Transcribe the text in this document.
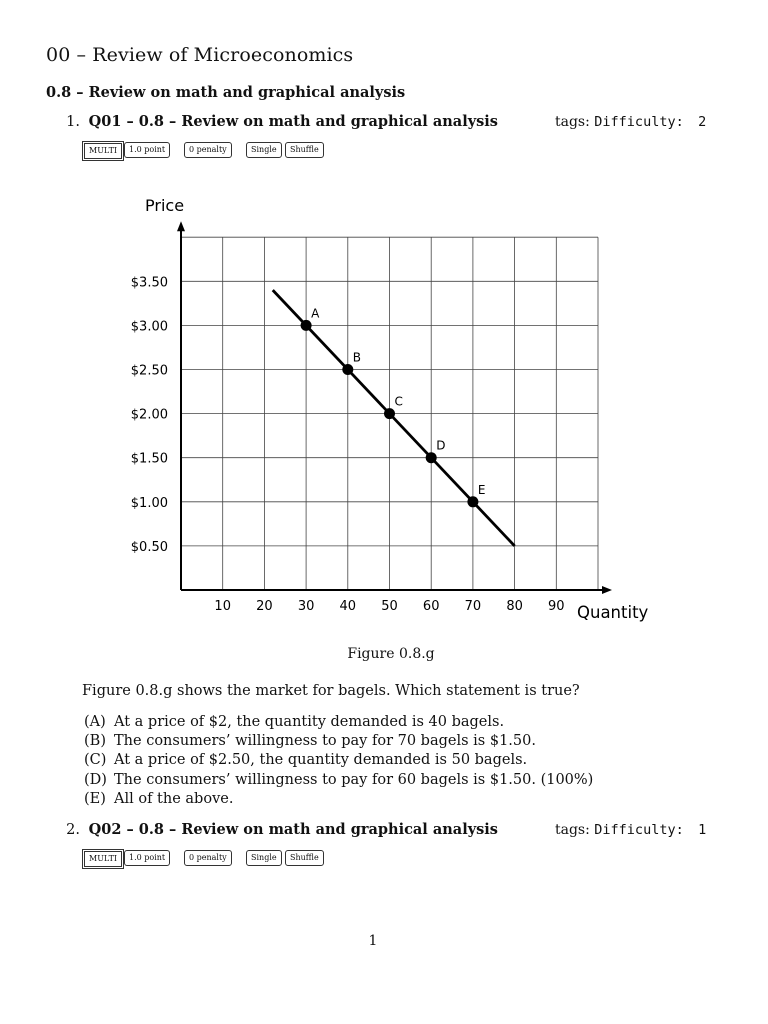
00 – Review of Microeconomics
0.8 – Review on math and graphical analysis
1. Q01 – 0.8 – Review on math and graphical analysis	tags: Difficulty: 2
MULTI	1.0 point	0 penalty	Single	Shuffle
$0.50
$1.00
$1.50
$2.00
$2.50
$3.00
$3.50
10 20 30 40 50 60 70 80 90
A
B
C
D
E
Price
Quantity
Figure 0.8.g
Figure 0.8.g shows the market for bagels. Which statement is true?
(A) At a price of $2, the quantity demanded is 40 bagels.
(B) The consumers’ willingness to pay for 70 bagels is $1.50.
(C) At a price of $2.50, the quantity demanded is 50 bagels.
(D) The consumers’ willingness to pay for 60 bagels is $1.50. (100%)
(E) All of the above.
2. Q02 – 0.8 – Review on math and graphical analysis	tags: Difficulty: 1
MULTI	1.0 point	0 penalty	Single	Shuffle
1
